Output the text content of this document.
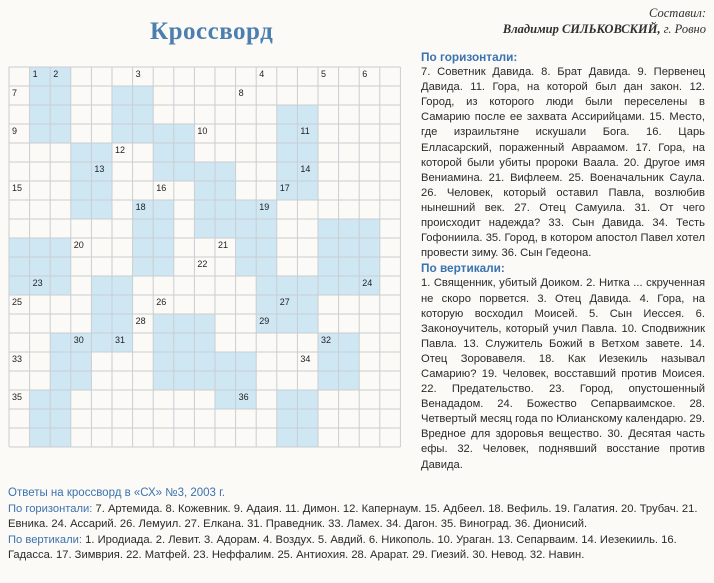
Кроссворд
Составил:
Владимир СИЛЬКОВСКИЙ, г. Ровно
1 2	3	4	5	6
7	8
9	10	11
12
13	14
15	16	17
18	19
20	21
22
23	24
25	26	27
28	29
30	31	32
33	34
35	36
По горизонтали:
7. Советник Давида. 8. Брат Давида. 9. Первенец Давида. 11. Гора, на которой был дан закон. 12. Город, из которого люди были переселены в Самарию после ее захвата Ассирийцами. 15. Место, где израильтяне искушали Бога. 16. Царь Елласарский, пораженный Авраамом. 17. Гора, на которой были убиты пророки Ваала. 20. Другое имя Вениамина. 21. Вифлеем. 25. Военачальник Саула. 26. Человек, который оставил Павла, возлюбив нынешний век. 27. Отец Самуила. 31. От чего происходит надежда? 33. Сын Давида. 34. Тесть Гофониила. 35. Город, в котором апостол Павел хотел провести зиму. 36. Сын Гедеона.
По вертикали:
1. Священник, убитый Доиком. 2. Нитка ... скрученная не скоро порвется. 3. Отец Давида. 4. Гора, на которую восходил Моисей. 5. Сын Иессея. 6. Законоучитель, который учил Павла. 10. Сподвижник Павла. 13. Служитель Божий в Ветхом завете. 14. Отец Зоровавеля. 18. Как Иезекиль называл Самарию? 19. Человек, восставший против Моисея. 22. Предательство. 23. Город, опустошенный Венададом. 24. Божество Сепарваимское. 28. Четвертый месяц года по Юлианскому календарю. 29. Вредное для здоровья вещество. 30. Десятая часть ефы. 32. Человек, поднявший восстание против Давида.
Ответы на кроссворд в «СХ» №3, 2003 г.
По горизонтали: 7. Артемида. 8. Кожевник. 9. Адаия. 11. Димон. 12. Капернаум. 15. Адбеел. 18. Вефиль. 19. Галатия. 20. Трубач. 21. Евника. 24. Ассарий. 26. Лемуил. 27. Елкана. 31. Праведник. 33. Ламех. 34. Дагон. 35. Виноград. 36. Дионисий.
По вертикали: 1. Иродиада. 2. Левит. 3. Адорам. 4. Воздух. 5. Авдий. 6. Никополь. 10. Ураган. 13. Сепарваим. 14. Иезекииль. 16. Гадасса. 17. Зимврия. 22. Матфей. 23. Неффалим. 25. Антиохия. 28. Арарат. 29. Гиезий. 30. Невод. 32. Навин.
